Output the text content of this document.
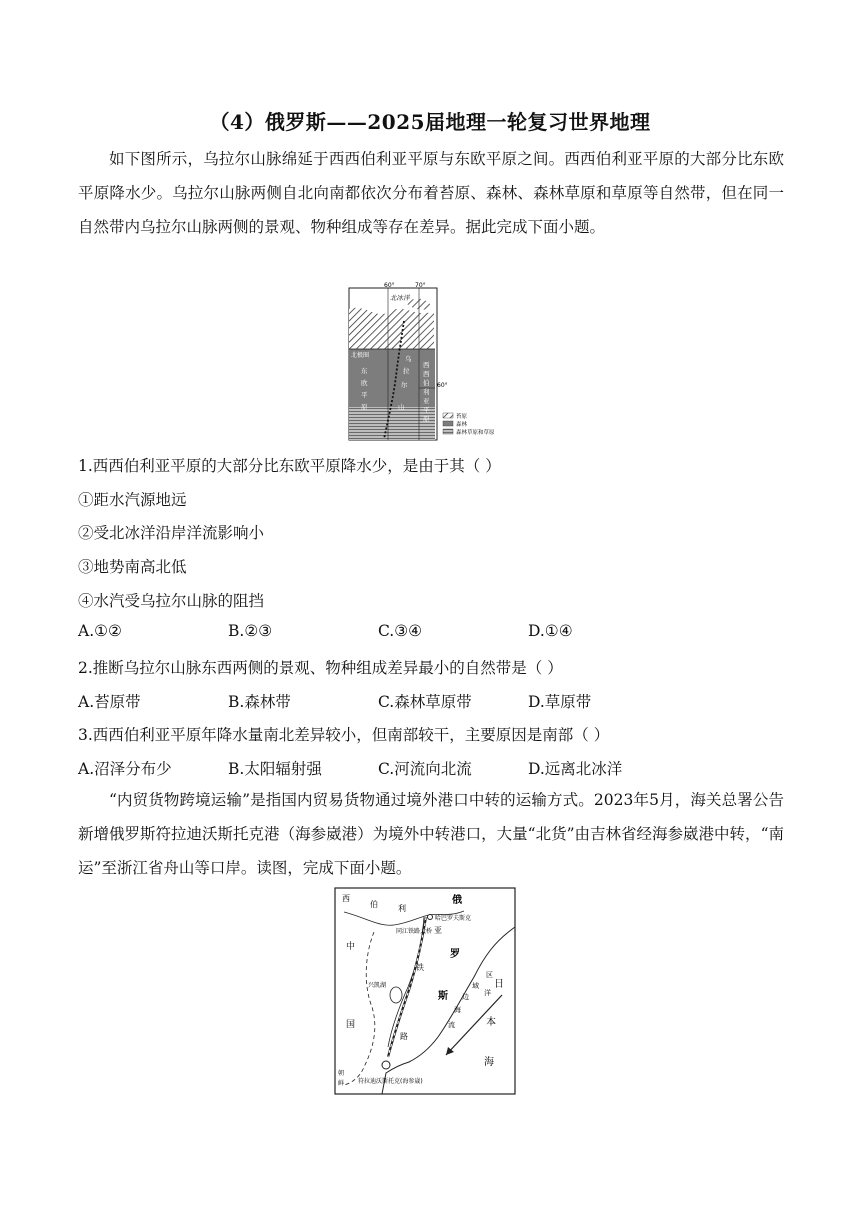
（4）俄罗斯——2025届地理一轮复习世界地理
如下图所示，乌拉尔山脉绵延于西西伯利亚平原与东欧平原之间。西西伯利亚平原的大部分比东欧平原降水少。乌拉尔山脉两侧自北向南都依次分布着苔原、森林、森林草原和草原等自然带，但在同一自然带内乌拉尔山脉两侧的景观、物种组成等存在差异。据此完成下面小题。
60°	70°
60°
北冰洋
北极圈
东
欧
平
原
乌
拉
尔
山
西
西
伯
利
亚
平
原	苔原
森林
森林草原和草原
1.西西伯利亚平原的大部分比东欧平原降水少，是由于其（ ）
①距水汽源地远
②受北冰洋沿岸洋流影响小
③地势南高北低
④水汽受乌拉尔山脉的阻挡
A.①②	B.②③	C.③④	D.①④
2.推断乌拉尔山脉东西两侧的景观、物种组成差异最小的自然带是（ ）
A.苔原带	B.森林带	C.森林草原带	D.草原带
3.西西伯利亚平原年降水量南北差异较小，但南部较干，主要原因是南部（ ）
A.沼泽分布少	B.太阳辐射强	C.河流向北流	D.远离北冰洋
“内贸货物跨境运输”是指国内贸易货物通过境外港口中转的运输方式。2023年5月，海关总署公告新增俄罗斯符拉迪沃斯托克港（海参崴港）为境外中转港口，大量“北货”由吉林省经海参崴港中转，“南运”至浙江省舟山等口岸。读图，完成下面小题。
西
伯	利
亚
哈巴罗夫斯克
同江铁路大桥
铁
路
兴凯湖
中
国
朝
鲜 符拉迪沃斯托克(海参崴)
俄
罗
斯
区
域
洋
边
海
流
日
本
海
